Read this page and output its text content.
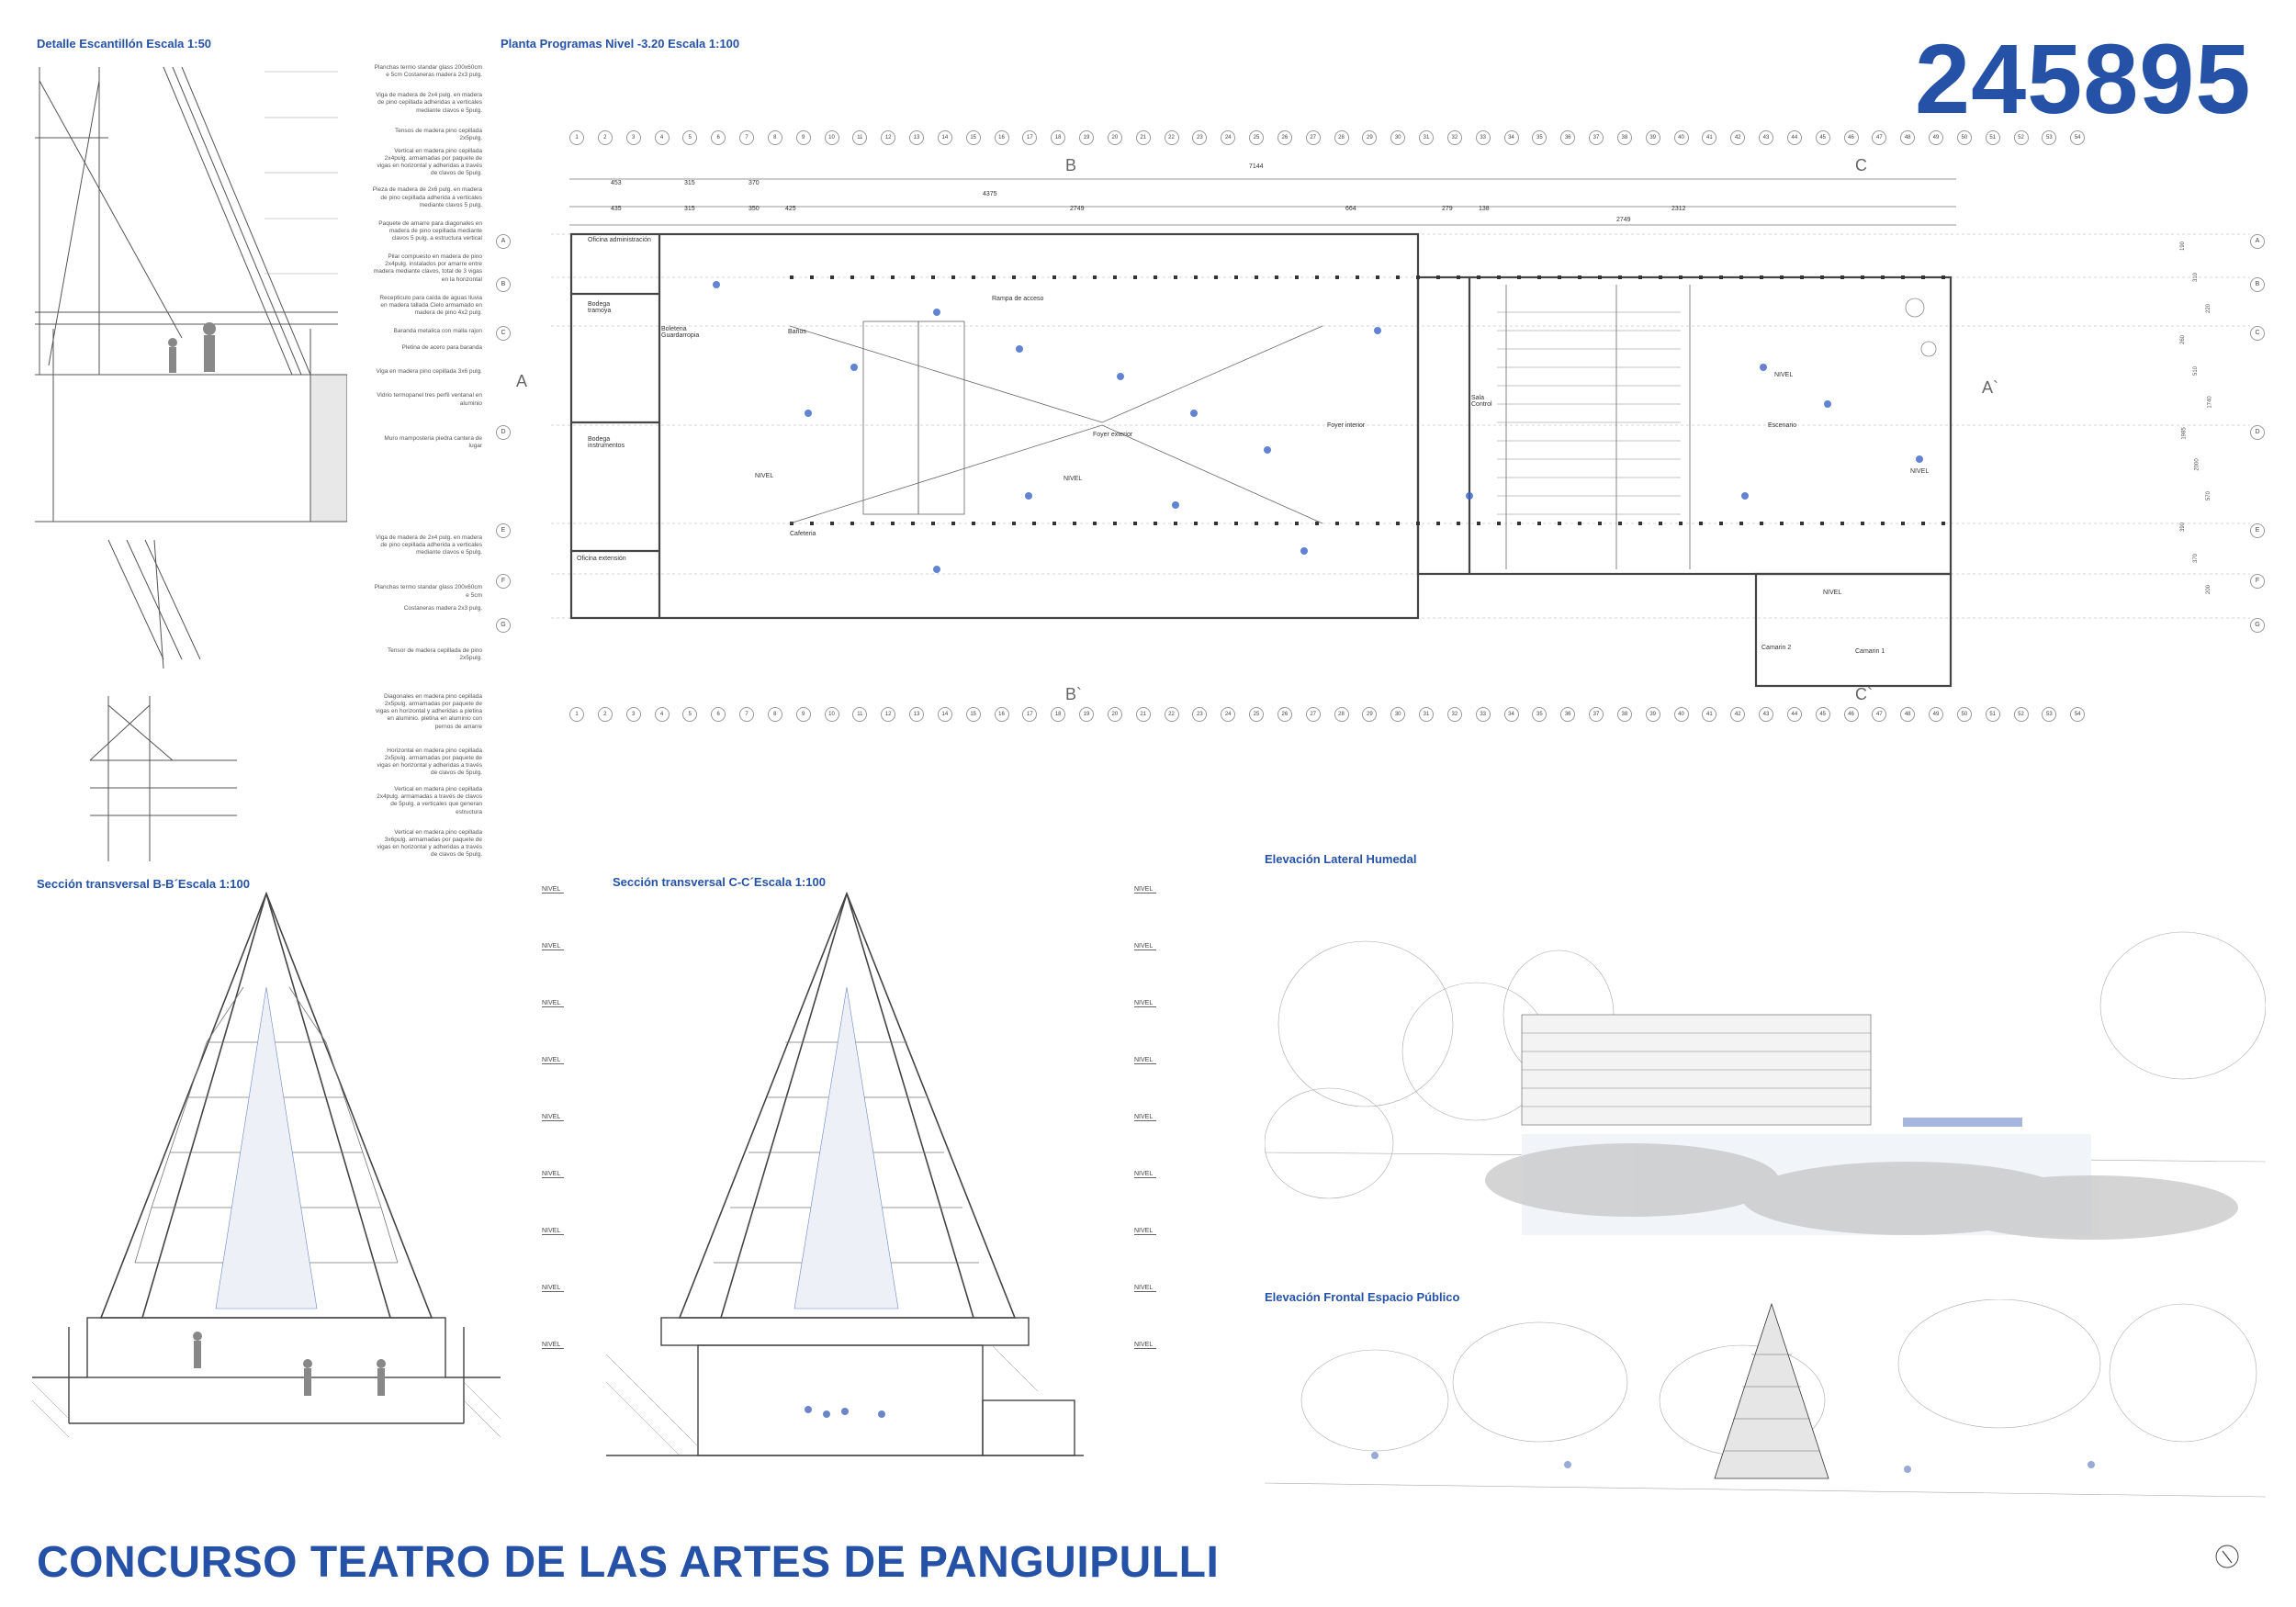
Detalle Escantillón Escala 1:50
Planchas termo standar glass 200x60cm e 5cm Costaneras madera 2x3 pulg.
Viga de madera de 2x4 pulg. en madera de pino cepillada adheridas a verticales mediante clavos e 5pulg.
Tensos de madera pino cepillada 2x5pulg.
Vertical en madera pino cepillada 2x4pulg. armamadas por paquete de vigas en horizontal y adheridas a través de clavos de 5pulg.
Pieza de madera de 2x6 pulg. en madera de pino cepillada adherida a verticales mediante clavos 5 pulg.
Paquete de amarre para diagonales en madera de pino cepillada mediante clavos 5 pulg. a estructura vertical
Pilar compuesto en madera de pino 2x4pulg. instalados por amarre entre madera mediante clavos, total de 3 vigas en la horizontal
Recepticulo para caída de aguas lluvia en madera tallada Cielo armamado en madera de pino 4x2 pulg.
Baranda metalica con malla rajon
Pletina de acero para baranda
Viga en madera pino cepillada 3x6 pulg.
Vidrio termopanel tres perfil ventanal en aluminio
Muro mamposteria piedra cantera de lugar
Viga de madera de 2x4 pulg. en madera de pino cepillada adherida a verticales mediante clavos e 5pulg.
Planchas termo standar glass 200x60cm e 5cm
Costaneras madera 2x3 pulg.
Tensor de madera cepillada de pino 2x5pulg.
Diagonales en madera pino cepillada 2x5pulg. armamadas por paquete de vigas en horizontal y adheridas a pletina en aluminio. pletina en aluminio con pernos de amarre
Horizontal en madera pino cepillada 2x5pulg. armamadas por paquete de vigas en horizontal y adheridas a través de clavos de 5pulg.
Vertical en madera pino cepillada 2x4pulg. armamadas a través de clavos de 5pulg. a verticales que generan estructura
Vertical en madera pino cepillada 3x6pulg. armamadas por paquete de vigas en horizontal y adheridas a través de clavos de 5pulg.
Planta Programas Nivel -3.20 Escala 1:100	245895
1	2	3	4	5	6	7	8	9	10	11	12	13	14	15	16	17	18	19	20	21	22	23	24	25	26	27	28	29	30	31	32	33	34	35	36	37	38	39	40	41	42	43	44	45	46	47	48	49	50	51	52	53	54
1	2	3	4	5	6	7	8	9	10	11	12	13	14	15	16	17	18	19	20	21	22	23	24	25	26	27	28	29	30	31	32	33	34	35	36	37	38	39	40	41	42	43	44	45	46	47	48	49	50	51	52	53	54
7144
453	315	370
4375
435	315	350	425	2749	664	279	138	2312
2749
B	C
B`	C`
A	A`
A
B
C
D
E
F
G
A
B
C
D
E
F
G
Oficina administración
Bodega tramoya
Bodega instrumentos
Oficina extensión
Boleteria Guardarropia
Baños
Rampa de acceso
Foyer exterior
Foyer interior
Cafeteria
Sala Control
Escenario
Camarin 2
Camarin 1
NIVEL	NIVEL
NIVEL
NIVEL
NIVEL
190
310
220
260
510
1740
1985
2000
570
390
370
200
Sección transversal B-B´Escala 1:100	Sección transversal C-C´Escala 1:100
NIVEL
NIVEL
NIVEL
NIVEL
NIVEL
NIVEL
NIVEL
NIVEL
NIVEL
NIVEL
NIVEL
NIVEL
NIVEL
NIVEL
NIVEL
NIVEL
NIVEL
NIVEL
Elevación Lateral Humedal
Elevación Frontal Espacio Público
CONCURSO TEATRO DE LAS ARTES DE PANGUIPULLI
